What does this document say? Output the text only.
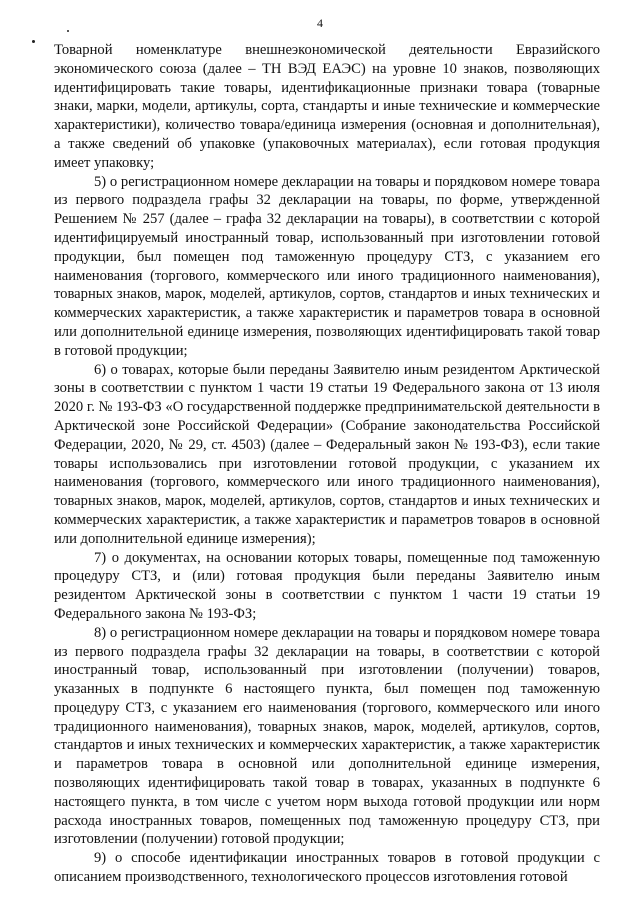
4

Товарной номенклатуре внешнеэкономической деятельности Евразийского экономического союза (далее – ТН ВЭД ЕАЭС) на уровне 10 знаков, позволяющих идентифицировать такие товары, идентификационные признаки товара (товарные знаки, марки, модели, артикулы, сорта, стандарты и иные технические и коммерческие характеристики), количество товара/единица измерения (основная и дополнительная), а также сведений об упаковке (упаковочных материалах), если готовая продукция имеет упаковку;

5) о регистрационном номере декларации на товары и порядковом номере товара из первого подраздела графы 32 декларации на товары, по форме, утвержденной Решением № 257 (далее – графа 32 декларации на товары), в соответствии с которой идентифицируемый иностранный товар, использованный при изготовлении готовой продукции, был помещен под таможенную процедуру СТЗ, с указанием его наименования (торгового, коммерческого или иного традиционного наименования), товарных знаков, марок, моделей, артикулов, сортов, стандартов и иных технических и коммерческих характеристик, а также характеристик и параметров товара в основной или дополнительной единице измерения, позволяющих идентифицировать такой товар в готовой продукции;

6) о товарах, которые были переданы Заявителю иным резидентом Арктической зоны в соответствии с пунктом 1 части 19 статьи 19 Федерального закона от 13 июля 2020 г. № 193-ФЗ «О государственной поддержке предпринимательской деятельности в Арктической зоне Российской Федерации» (Собрание законодательства Российской Федерации, 2020, № 29, ст. 4503) (далее – Федеральный закон № 193-ФЗ), если такие товары использовались при изготовлении готовой продукции, с указанием их наименования (торгового, коммерческого или иного традиционного наименования), товарных знаков, марок, моделей, артикулов, сортов, стандартов и иных технических и коммерческих характеристик, а также характеристик и параметров товаров в основной или дополнительной единице измерения);

7) о документах, на основании которых товары, помещенные под таможенную процедуру СТЗ, и (или) готовая продукция были переданы Заявителю иным резидентом Арктической зоны в соответствии с пунктом 1 части 19 статьи 19 Федерального закона № 193-ФЗ;

8) о регистрационном номере декларации на товары и порядковом номере товара из первого подраздела графы 32 декларации на товары, в соответствии с которой иностранный товар, использованный при изготовлении (получении) товаров, указанных в подпункте 6 настоящего пункта, был помещен под таможенную процедуру СТЗ, с указанием его наименования (торгового, коммерческого или иного традиционного наименования), товарных знаков, марок, моделей, артикулов, сортов, стандартов и иных технических и коммерческих характеристик, а также характеристик и параметров товара в основной или дополнительной единице измерения, позволяющих идентифицировать такой товар в товарах, указанных в подпункте 6 настоящего пункта, в том числе с учетом норм выхода готовой продукции или норм расхода иностранных товаров, помещенных под таможенную процедуру СТЗ, при изготовлении (получении) готовой продукции;

9) о способе идентификации иностранных товаров в готовой продукции с описанием производственного, технологического процессов изготовления готовой
